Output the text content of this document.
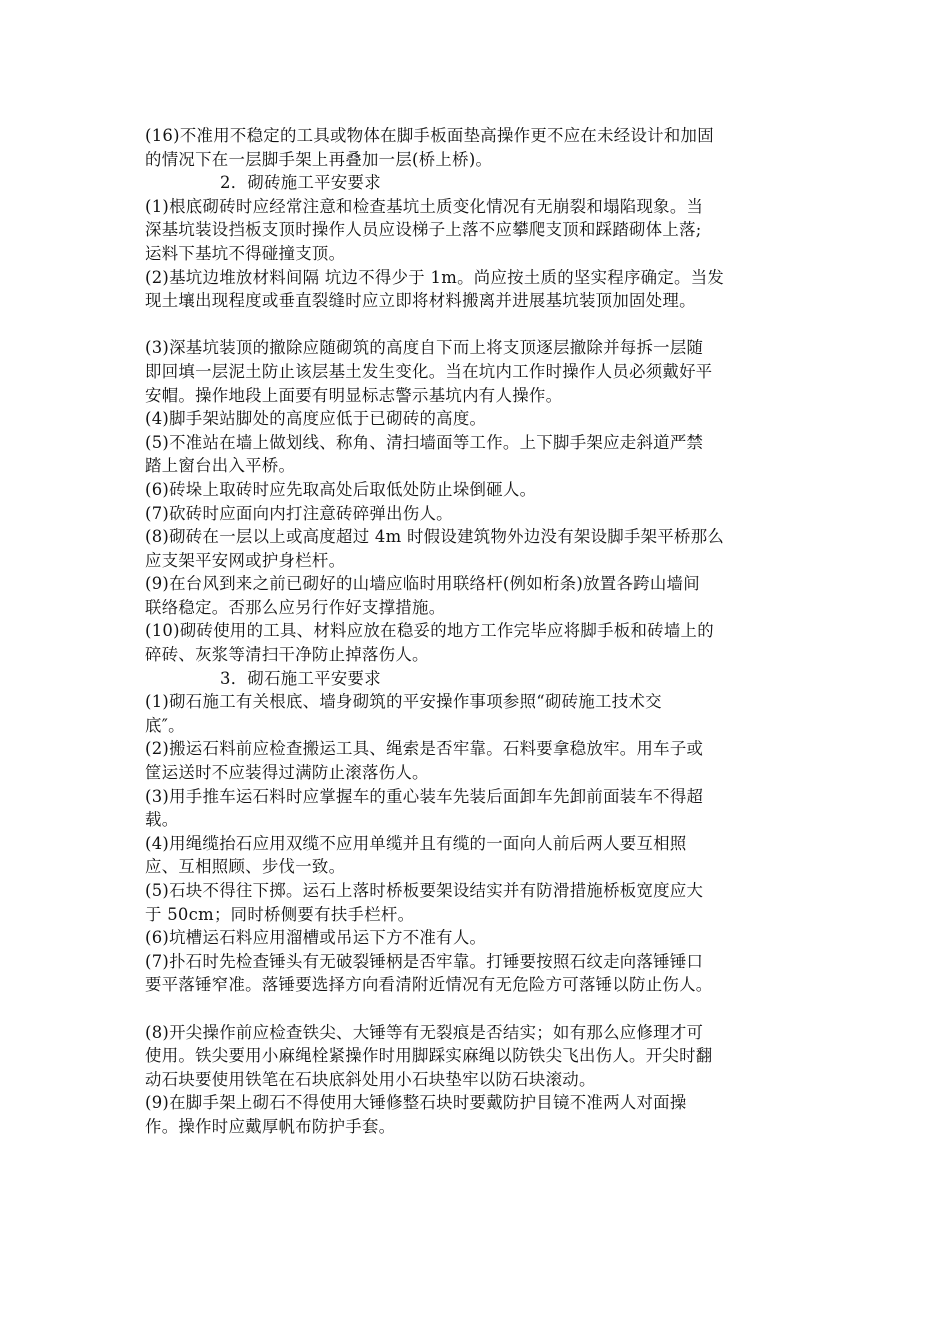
(16)不准用不稳定的工具或物体在脚手板面垫高操作更不应在未经设计和加固
的情况下在一层脚手架上再叠加一层(桥上桥)。
2．砌砖施工平安要求
(1)根底砌砖时应经常注意和检查基坑土质变化情况有无崩裂和塌陷现象。当
深基坑装设挡板支顶时操作人员应设梯子上落不应攀爬支顶和踩踏砌体上落;
运料下基坑不得碰撞支顶。
(2)基坑边堆放材料间隔 坑边不得少于 1m。尚应按土质的坚实程序确定。当发
现土壤出现程度或垂直裂缝时应立即将材料搬离并进展基坑装顶加固处理。
(3)深基坑装顶的撤除应随砌筑的高度自下而上将支顶逐层撤除并每拆一层随
即回填一层泥土防止该层基土发生变化。当在坑内工作时操作人员必须戴好平
安帽。操作地段上面要有明显标志警示基坑内有人操作。
(4)脚手架站脚处的高度应低于已砌砖的高度。
(5)不准站在墙上做划线、称角、清扫墙面等工作。上下脚手架应走斜道严禁
踏上窗台出入平桥。
(6)砖垛上取砖时应先取高处后取低处防止垛倒砸人。
(7)砍砖时应面向内打注意砖碎弹出伤人。
(8)砌砖在一层以上或高度超过 4m 时假设建筑物外边没有架设脚手架平桥那么
应支架平安网或护身栏杆。
(9)在台风到来之前已砌好的山墙应临时用联络杆(例如桁条)放置各跨山墙间
联络稳定。否那么应另行作好支撑措施。
(10)砌砖使用的工具、材料应放在稳妥的地方工作完毕应将脚手板和砖墙上的
碎砖、灰浆等清扫干净防止掉落伤人。
3．砌石施工平安要求
(1)砌石施工有关根底、墙身砌筑的平安操作事项参照“砌砖施工技术交
底″。
(2)搬运石料前应检查搬运工具、绳索是否牢靠。石料要拿稳放牢。用车子或
筐运送时不应装得过满防止滚落伤人。
(3)用手推车运石料时应掌握车的重心装车先装后面卸车先卸前面装车不得超
载。
(4)用绳缆抬石应用双缆不应用单缆并且有缆的一面向人前后两人要互相照
应、互相照顾、步伐一致。
(5)石块不得往下掷。运石上落时桥板要架设结实并有防滑措施桥板宽度应大
于 50cm；同时桥侧要有扶手栏杆。
(6)坑槽运石料应用溜槽或吊运下方不准有人。
(7)扑石时先检查锤头有无破裂锤柄是否牢靠。打锤要按照石纹走向落锤锤口
要平落锤窄准。落锤要选择方向看清附近情况有无危险方可落锤以防止伤人。
(8)开尖操作前应检查铁尖、大锤等有无裂痕是否结实；如有那么应修理才可
使用。铁尖要用小麻绳栓紧操作时用脚踩实麻绳以防铁尖飞出伤人。开尖时翻
动石块要使用铁笔在石块底斜处用小石块垫牢以防石块滚动。
(9)在脚手架上砌石不得使用大锤修整石块时要戴防护目镜不准两人对面操
作。操作时应戴厚帆布防护手套。
